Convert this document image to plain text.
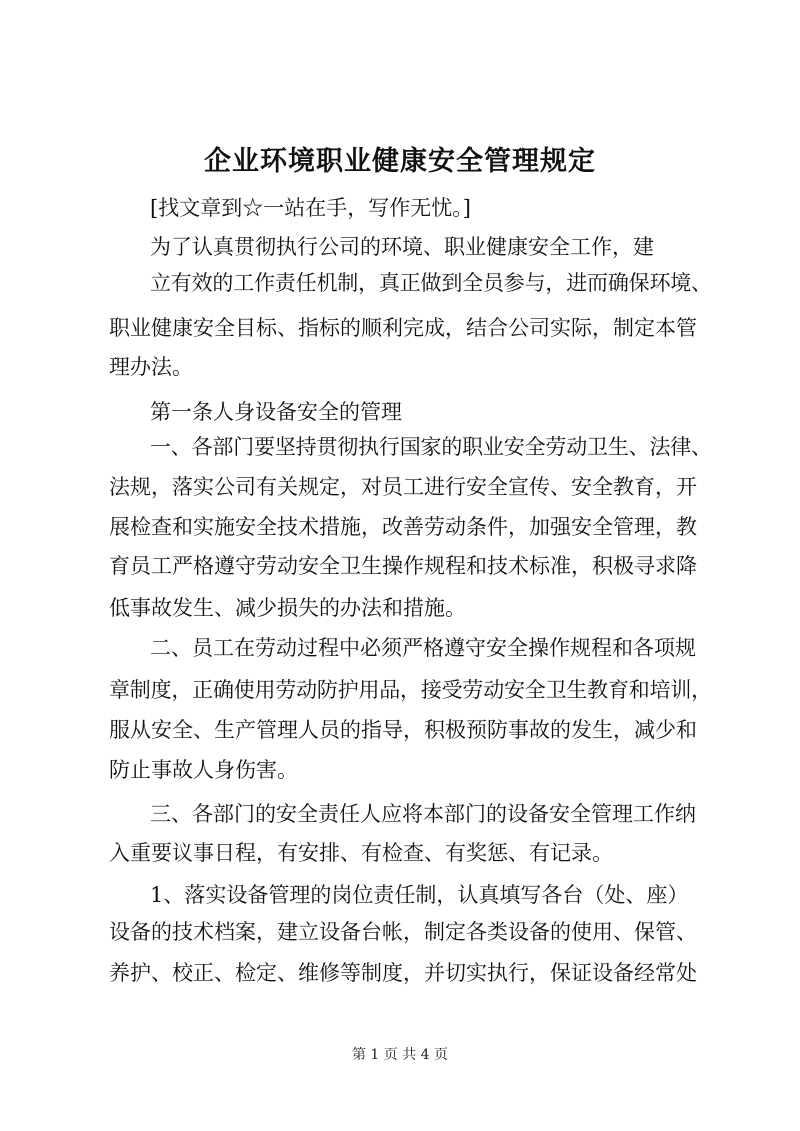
企业环境职业健康安全管理规定
[找文章到☆一站在手，写作无忧。]
为了认真贯彻执行公司的环境、职业健康安全工作，建
立有效的工作责任机制，真正做到全员参与，进而确保环境、
职业健康安全目标、指标的顺利完成，结合公司实际，制定本管
理办法。
第一条人身设备安全的管理
一、各部门要坚持贯彻执行国家的职业安全劳动卫生、法律、
法规，落实公司有关规定，对员工进行安全宣传、安全教育，开
展检查和实施安全技术措施，改善劳动条件，加强安全管理，教
育员工严格遵守劳动安全卫生操作规程和技术标准，积极寻求降
低事故发生、减少损失的办法和措施。
二、员工在劳动过程中必须严格遵守安全操作规程和各项规
章制度，正确使用劳动防护用品，接受劳动安全卫生教育和培训，
服从安全、生产管理人员的指导，积极预防事故的发生，减少和
防止事故人身伤害。
三、各部门的安全责任人应将本部门的设备安全管理工作纳
入重要议事日程，有安排、有检查、有奖惩、有记录。
1、落实设备管理的岗位责任制，认真填写各台（处、座）
设备的技术档案，建立设备台帐，制定各类设备的使用、保管、
养护、校正、检定、维修等制度，并切实执行，保证设备经常处
第 1 页 共 4 页
